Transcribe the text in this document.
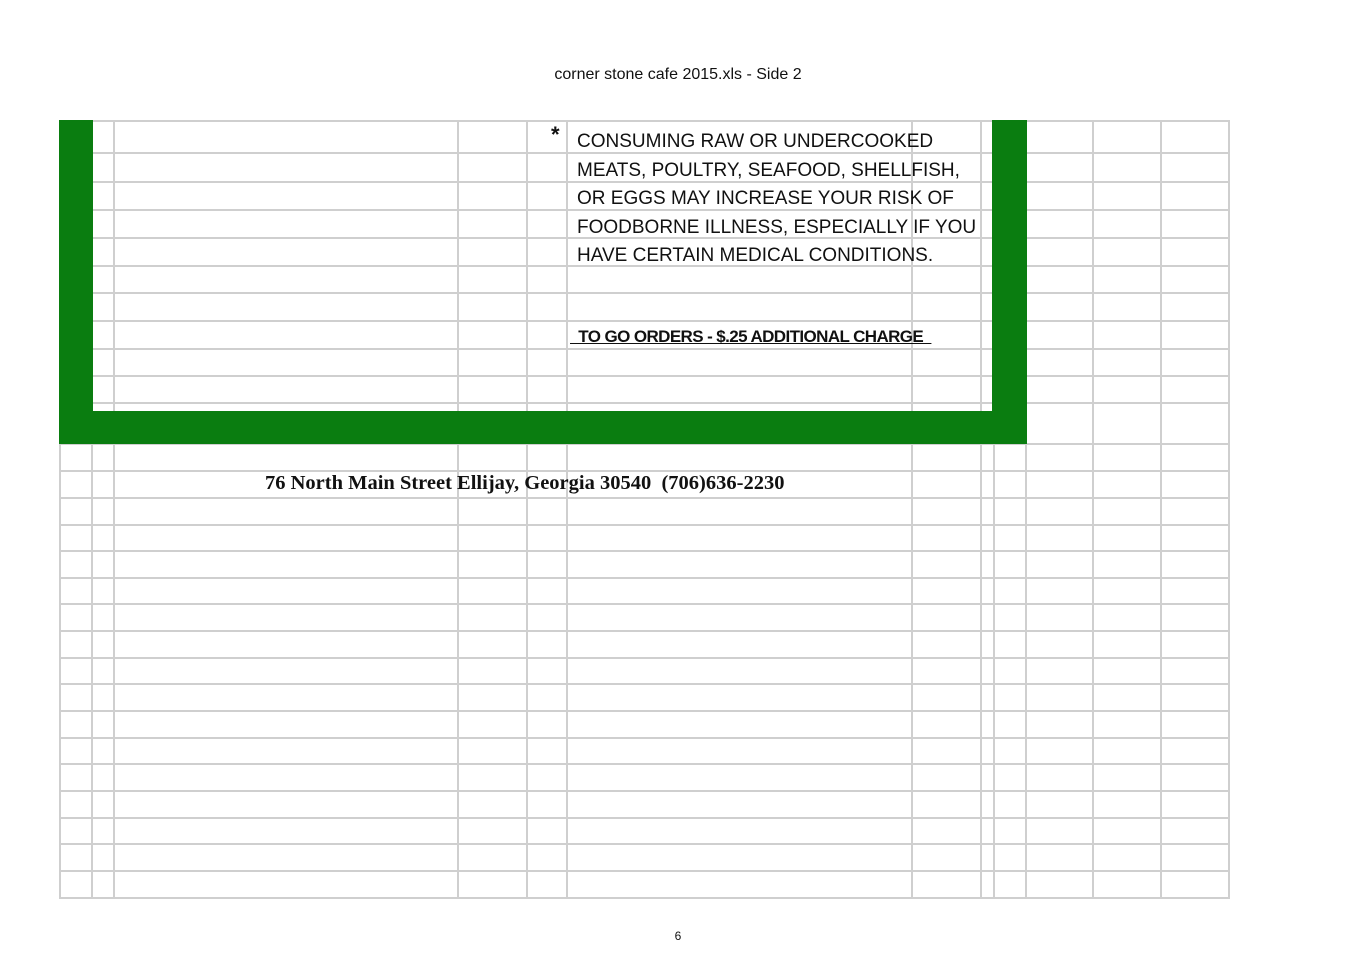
corner stone cafe 2015.xls - Side 2
* CONSUMING RAW OR UNDERCOOKED
MEATS, POULTRY, SEAFOOD, SHELLFISH,
OR EGGS MAY INCREASE YOUR RISK OF
FOODBORNE ILLNESS, ESPECIALLY IF YOU
HAVE CERTAIN MEDICAL CONDITIONS.
TO GO ORDERS - $.25 ADDITIONAL CHARGE
76 North Main Street Ellijay, Georgia 30540  (706)636-2230
6
